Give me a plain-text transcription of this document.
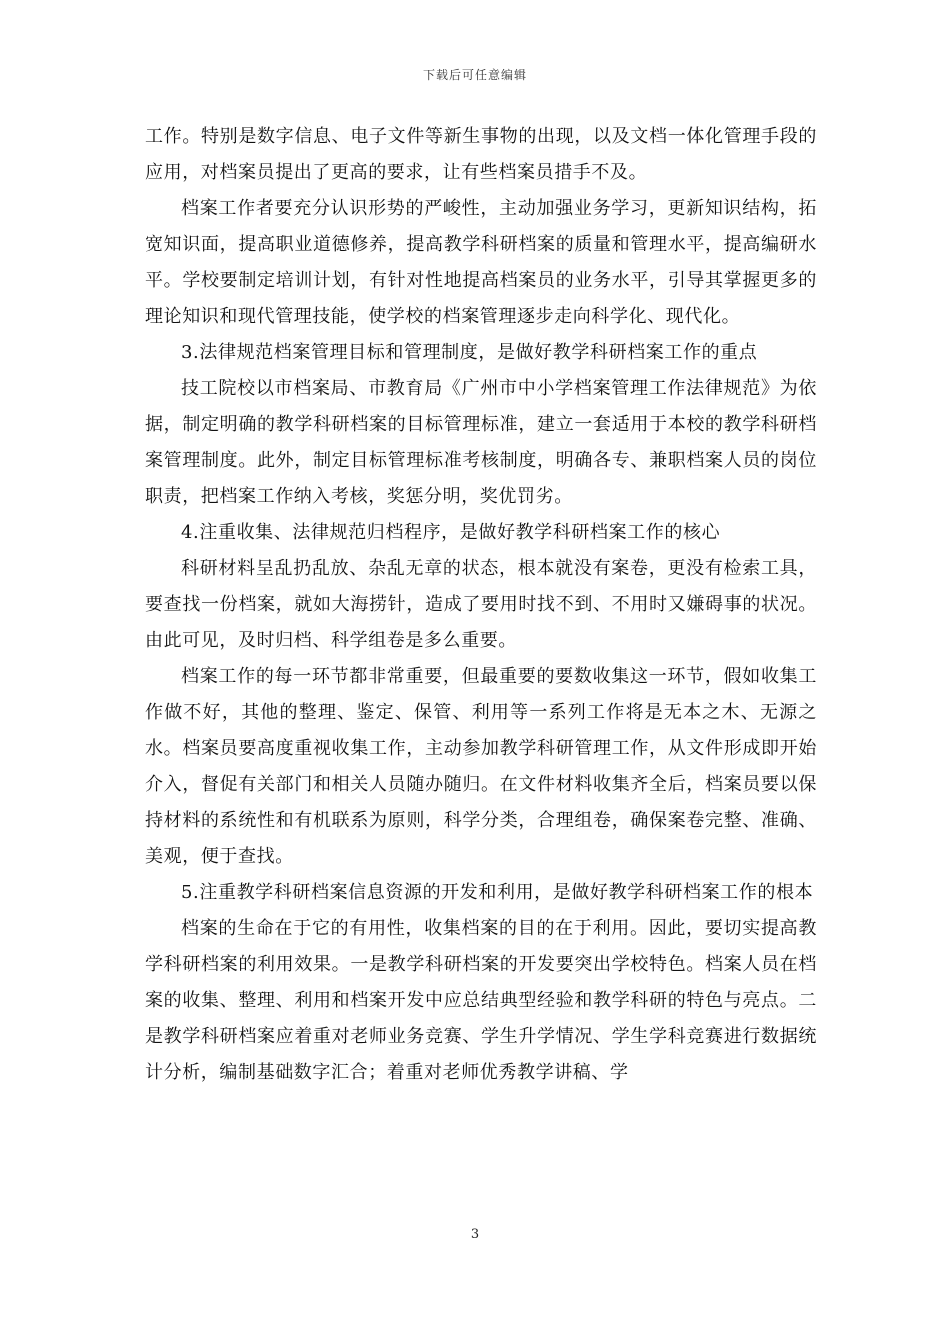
下载后可任意编辑

工作。特别是数字信息、电子文件等新生事物的出现，以及文档一体化管理手段的应用，对档案员提出了更高的要求，让有些档案员措手不及。

档案工作者要充分认识形势的严峻性，主动加强业务学习，更新知识结构，拓宽知识面，提高职业道德修养，提高教学科研档案的质量和管理水平，提高编研水平。学校要制定培训计划，有针对性地提高档案员的业务水平，引导其掌握更多的理论知识和现代管理技能，使学校的档案管理逐步走向科学化、现代化。

3.法律规范档案管理目标和管理制度，是做好教学科研档案工作的重点

技工院校以市档案局、市教育局《广州市中小学档案管理工作法律规范》为依据，制定明确的教学科研档案的目标管理标准，建立一套适用于本校的教学科研档案管理制度。此外，制定目标管理标准考核制度，明确各专、兼职档案人员的岗位职责，把档案工作纳入考核，奖惩分明，奖优罚劣。

4.注重收集、法律规范归档程序，是做好教学科研档案工作的核心

科研材料呈乱扔乱放、杂乱无章的状态，根本就没有案卷，更没有检索工具，要查找一份档案，就如大海捞针，造成了要用时找不到、不用时又嫌碍事的状况。由此可见，及时归档、科学组卷是多么重要。

档案工作的每一环节都非常重要，但最重要的要数收集这一环节，假如收集工作做不好，其他的整理、鉴定、保管、利用等一系列工作将是无本之木、无源之水。档案员要高度重视收集工作，主动参加教学科研管理工作，从文件形成即开始介入，督促有关部门和相关人员随办随归。在文件材料收集齐全后，档案员要以保持材料的系统性和有机联系为原则，科学分类，合理组卷，确保案卷完整、准确、美观，便于查找。

5.注重教学科研档案信息资源的开发和利用，是做好教学科研档案工作的根本

档案的生命在于它的有用性，收集档案的目的在于利用。因此，要切实提高教学科研档案的利用效果。一是教学科研档案的开发要突出学校特色。档案人员在档案的收集、整理、利用和档案开发中应总结典型经验和教学科研的特色与亮点。二是教学科研档案应着重对老师业务竞赛、学生升学情况、学生学科竞赛进行数据统计分析，编制基础数字汇合；着重对老师优秀教学讲稿、学

3
